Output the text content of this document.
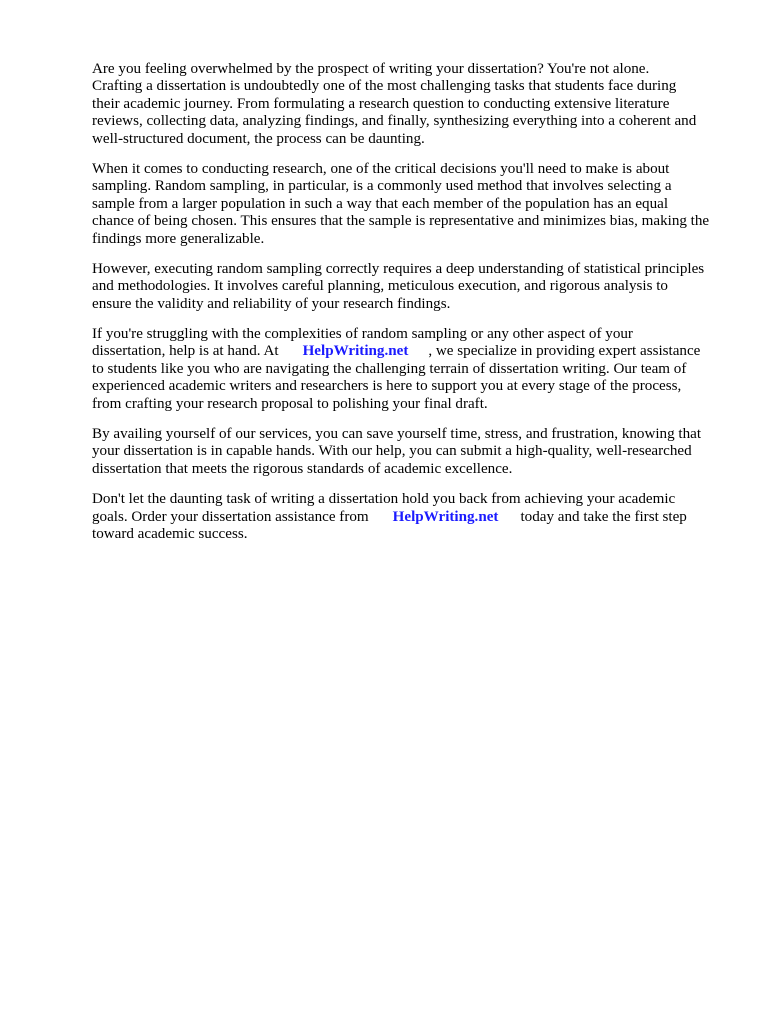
Are you feeling overwhelmed by the prospect of writing your dissertation? You're not alone.
Crafting a dissertation is undoubtedly one of the most challenging tasks that students face during
their academic journey. From formulating a research question to conducting extensive literature
reviews, collecting data, analyzing findings, and finally, synthesizing everything into a coherent and
well-structured document, the process can be daunting.
When it comes to conducting research, one of the critical decisions you'll need to make is about
sampling. Random sampling, in particular, is a commonly used method that involves selecting a
sample from a larger population in such a way that each member of the population has an equal
chance of being chosen. This ensures that the sample is representative and minimizes bias, making the
findings more generalizable.
However, executing random sampling correctly requires a deep understanding of statistical principles
and methodologies. It involves careful planning, meticulous execution, and rigorous analysis to
ensure the validity and reliability of your research findings.
If you're struggling with the complexities of random sampling or any other aspect of your
dissertation, help is at hand. At HelpWriting.net , we specialize in providing expert assistance
to students like you who are navigating the challenging terrain of dissertation writing. Our team of
experienced academic writers and researchers is here to support you at every stage of the process,
from crafting your research proposal to polishing your final draft.
By availing yourself of our services, you can save yourself time, stress, and frustration, knowing that
your dissertation is in capable hands. With our help, you can submit a high-quality, well-researched
dissertation that meets the rigorous standards of academic excellence.
Don't let the daunting task of writing a dissertation hold you back from achieving your academic
goals. Order your dissertation assistance from HelpWriting.net today and take the first step
toward academic success.
